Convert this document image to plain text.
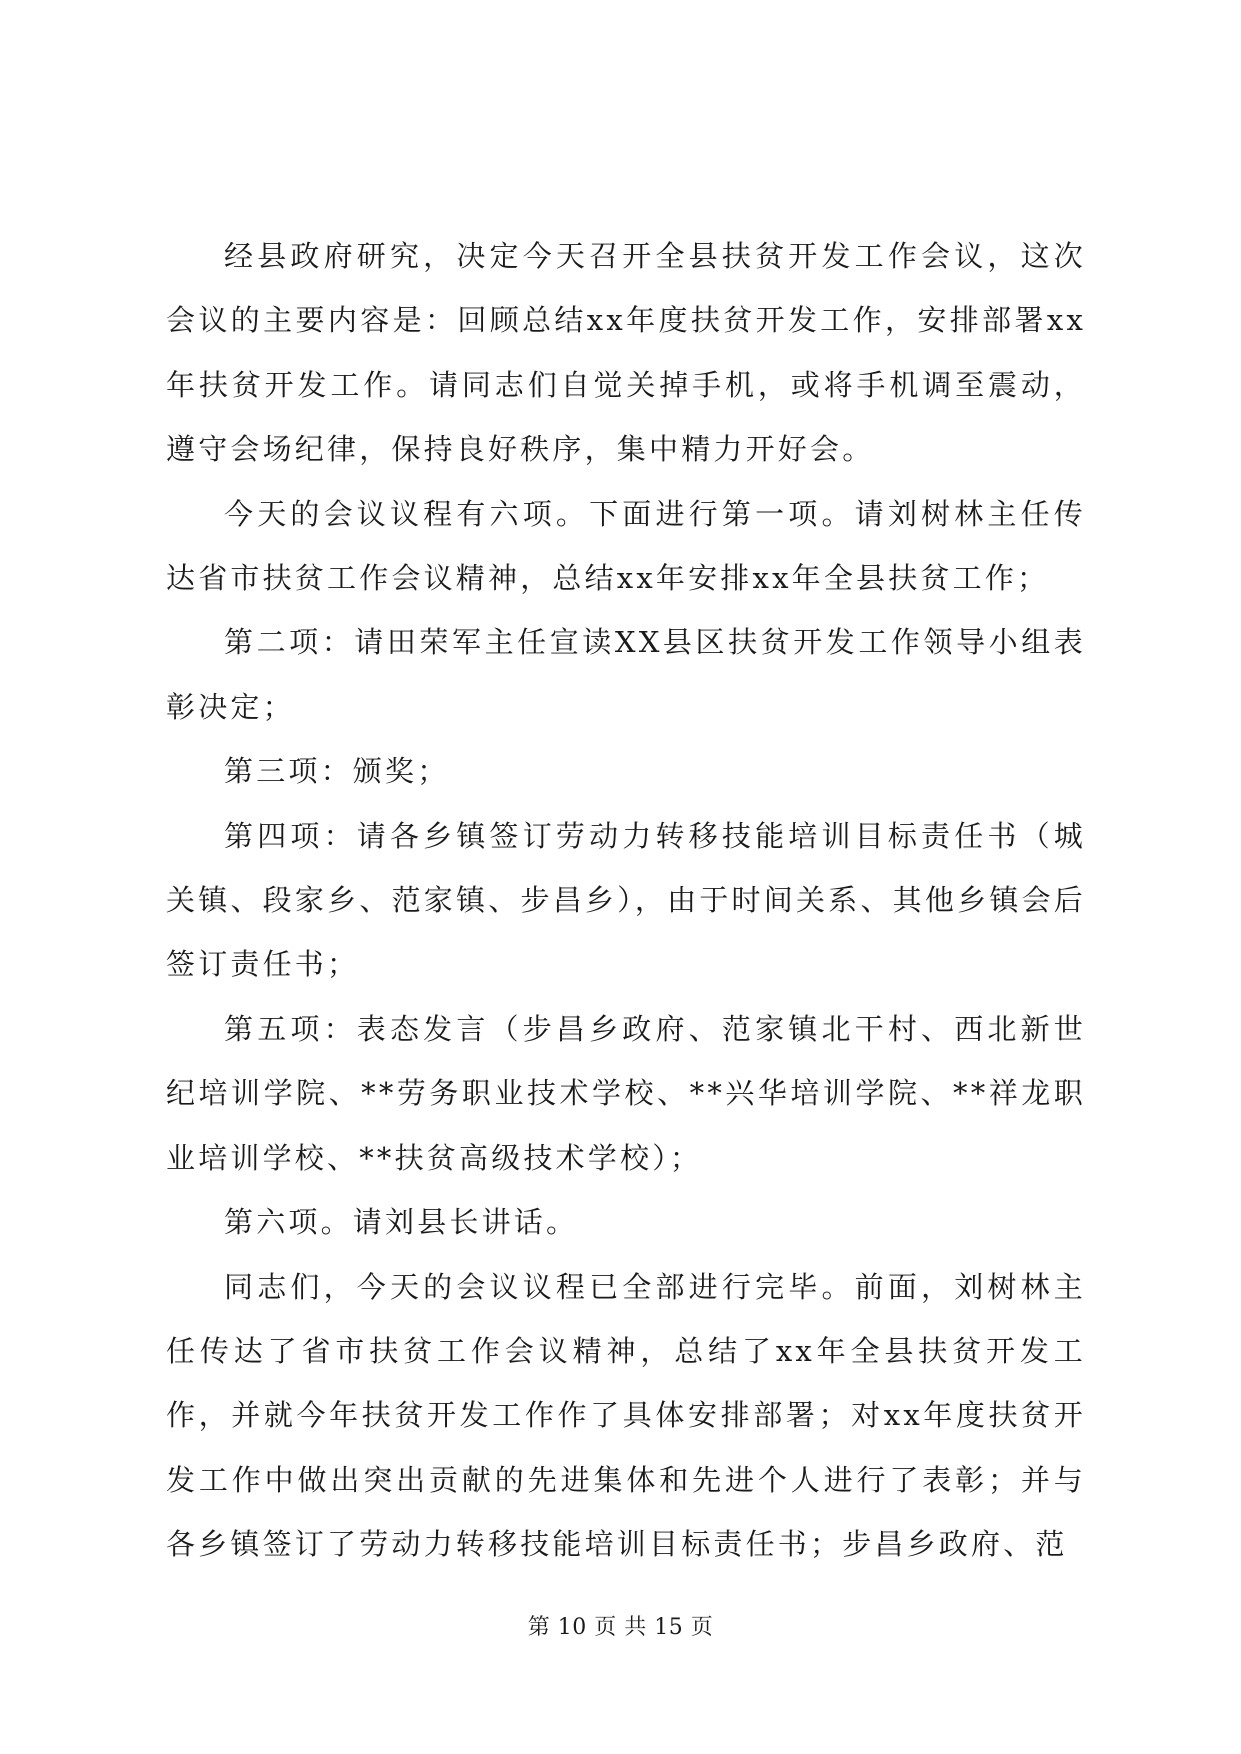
经县政府研究，决定今天召开全县扶贫开发工作会议，这次会议的主要内容是：回顾总结xx年度扶贫开发工作，安排部署xx年扶贫开发工作。请同志们自觉关掉手机，或将手机调至震动，遵守会场纪律，保持良好秩序，集中精力开好会。

今天的会议议程有六项。下面进行第一项。请刘树林主任传达省市扶贫工作会议精神，总结xx年安排xx年全县扶贫工作；

第二项：请田荣军主任宣读XX县区扶贫开发工作领导小组表彰决定；

第三项：颁奖；

第四项：请各乡镇签订劳动力转移技能培训目标责任书（城关镇、段家乡、范家镇、步昌乡），由于时间关系、其他乡镇会后签订责任书；

第五项：表态发言（步昌乡政府、范家镇北干村、西北新世纪培训学院、**劳务职业技术学校、**兴华培训学院、**祥龙职业培训学校、**扶贫高级技术学校）；

第六项。请刘县长讲话。

同志们，今天的会议议程已全部进行完毕。前面，刘树林主任传达了省市扶贫工作会议精神，总结了xx年全县扶贫开发工作，并就今年扶贫开发工作作了具体安排部署；对xx年度扶贫开发工作中做出突出贡献的先进集体和先进个人进行了表彰；并与各乡镇签订了劳动力转移技能培训目标责任书；步昌乡政府、范

第 10 页 共 15 页
